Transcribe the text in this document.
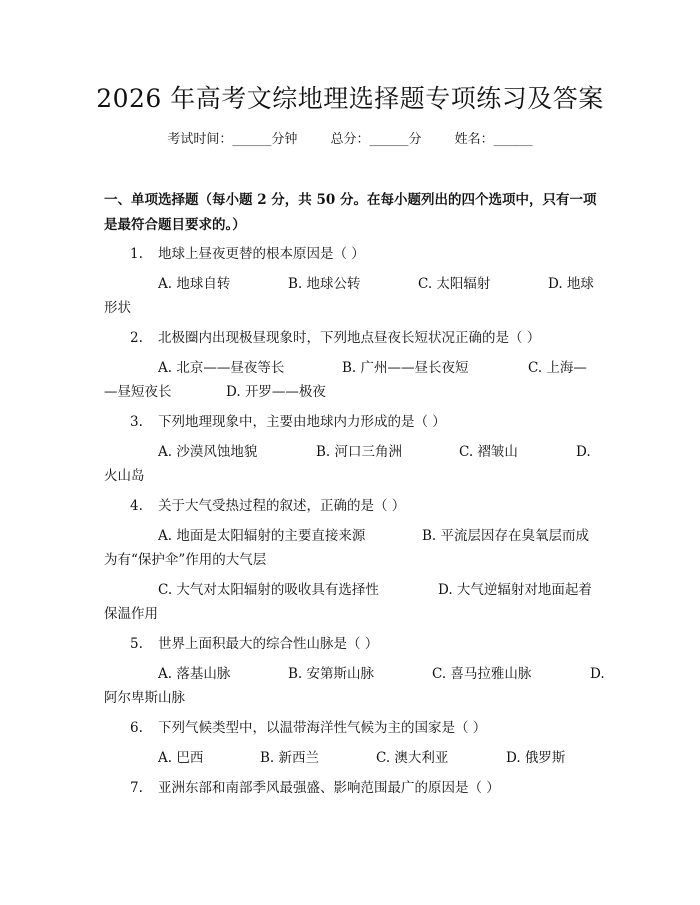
2026 年高考文综地理选择题专项练习及答案
考试时间：______分钟	总分：______分	姓名：______
一、单项选择题（每小题 2 分，共 50 分。在每小题列出的四个选项中，只有一项
是最符合题目要求的。）
1. 地球上昼夜更替的根本原因是（ ）
A. 地球自转	B. 地球公转	C. 太阳辐射	D. 地球
形状
2. 北极圈内出现极昼现象时，下列地点昼夜长短状况正确的是（ ）
A. 北京——昼夜等长	B. 广州——昼长夜短	C. 上海—
—昼短夜长	D. 开罗——极夜
3. 下列地理现象中，主要由地球内力形成的是（ ）
A. 沙漠风蚀地貌	B. 河口三角洲	C. 褶皱山	D.
火山岛
4. 关于大气受热过程的叙述，正确的是（ ）
A. 地面是太阳辐射的主要直接来源	B. 平流层因存在臭氧层而成
为有“保护伞”作用的大气层
C. 大气对太阳辐射的吸收具有选择性	D. 大气逆辐射对地面起着
保温作用
5. 世界上面积最大的综合性山脉是（ ）
A. 落基山脉	B. 安第斯山脉	C. 喜马拉雅山脉	D.
阿尔卑斯山脉
6. 下列气候类型中，以温带海洋性气候为主的国家是（ ）
A. 巴西	B. 新西兰	C. 澳大利亚	D. 俄罗斯
7. 亚洲东部和南部季风最强盛、影响范围最广的原因是（ ）
